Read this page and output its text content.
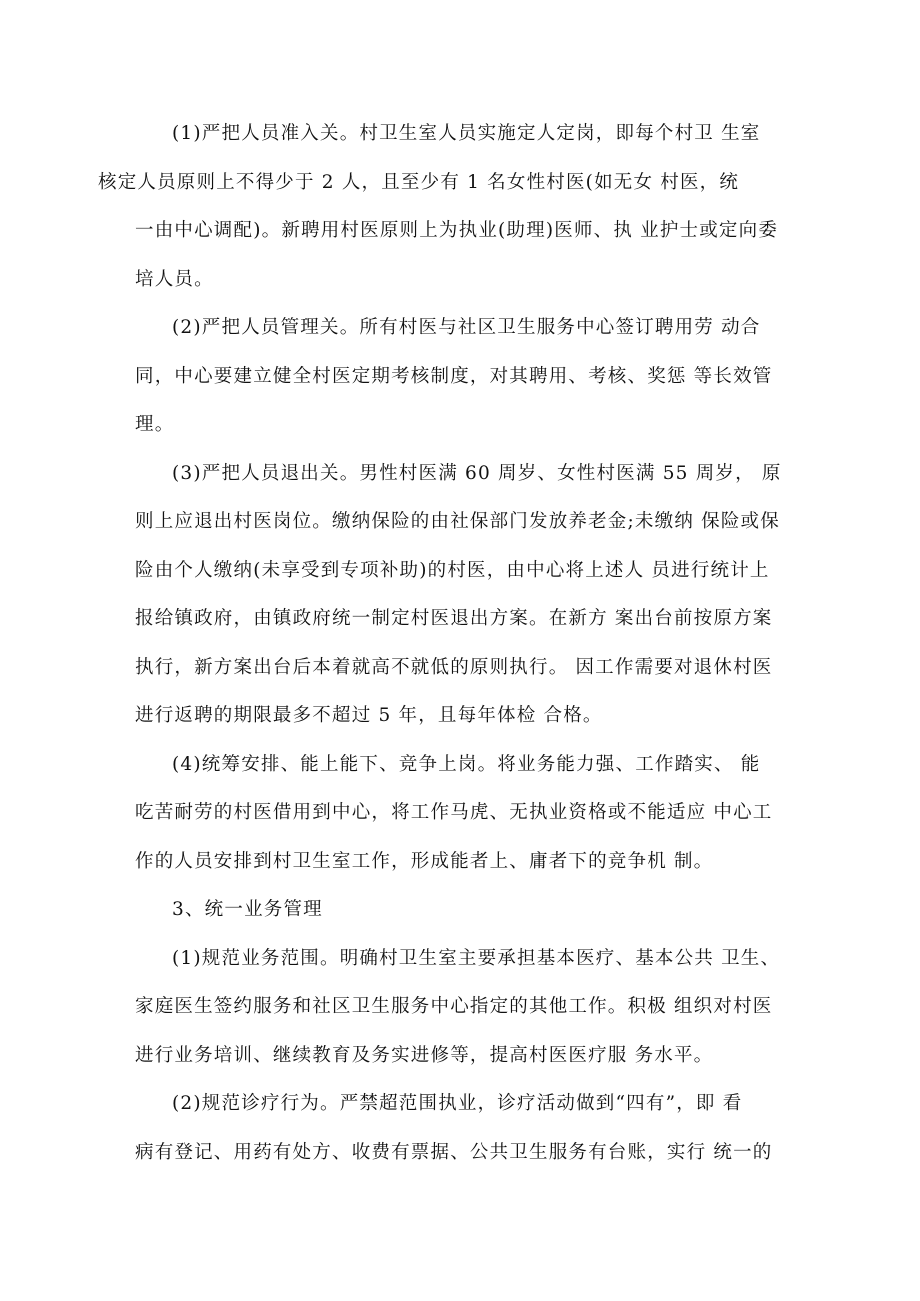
(1)严把人员准入关。村卫生室人员实施定人定岗，即每个村卫 生室
核定人员原则上不得少于 2 人，且至少有 1 名女性村医(如无女 村医，统
一由中心调配)。新聘用村医原则上为执业(助理)医师、执 业护士或定向委
培人员。
(2)严把人员管理关。所有村医与社区卫生服务中心签订聘用劳 动合
同，中心要建立健全村医定期考核制度，对其聘用、考核、奖惩 等长效管
理。
(3)严把人员退出关。男性村医满 60 周岁、女性村医满 55 周岁， 原
则上应退出村医岗位。缴纳保险的由社保部门发放养老金;未缴纳 保险或保
险由个人缴纳(未享受到专项补助)的村医，由中心将上述人 员进行统计上
报给镇政府，由镇政府统一制定村医退出方案。在新方 案出台前按原方案
执行，新方案出台后本着就高不就低的原则执行。 因工作需要对退休村医
进行返聘的期限最多不超过 5 年，且每年体检 合格。
(4)统筹安排、能上能下、竞争上岗。将业务能力强、工作踏实、 能
吃苦耐劳的村医借用到中心，将工作马虎、无执业资格或不能适应 中心工
作的人员安排到村卫生室工作，形成能者上、庸者下的竞争机 制。
3、统一业务管理
(1)规范业务范围。明确村卫生室主要承担基本医疗、基本公共 卫生、
家庭医生签约服务和社区卫生服务中心指定的其他工作。积极 组织对村医
进行业务培训、继续教育及务实进修等，提高村医医疗服 务水平。
(2)规范诊疗行为。严禁超范围执业，诊疗活动做到“四有”，即 看
病有登记、用药有处方、收费有票据、公共卫生服务有台账，实行 统一的
